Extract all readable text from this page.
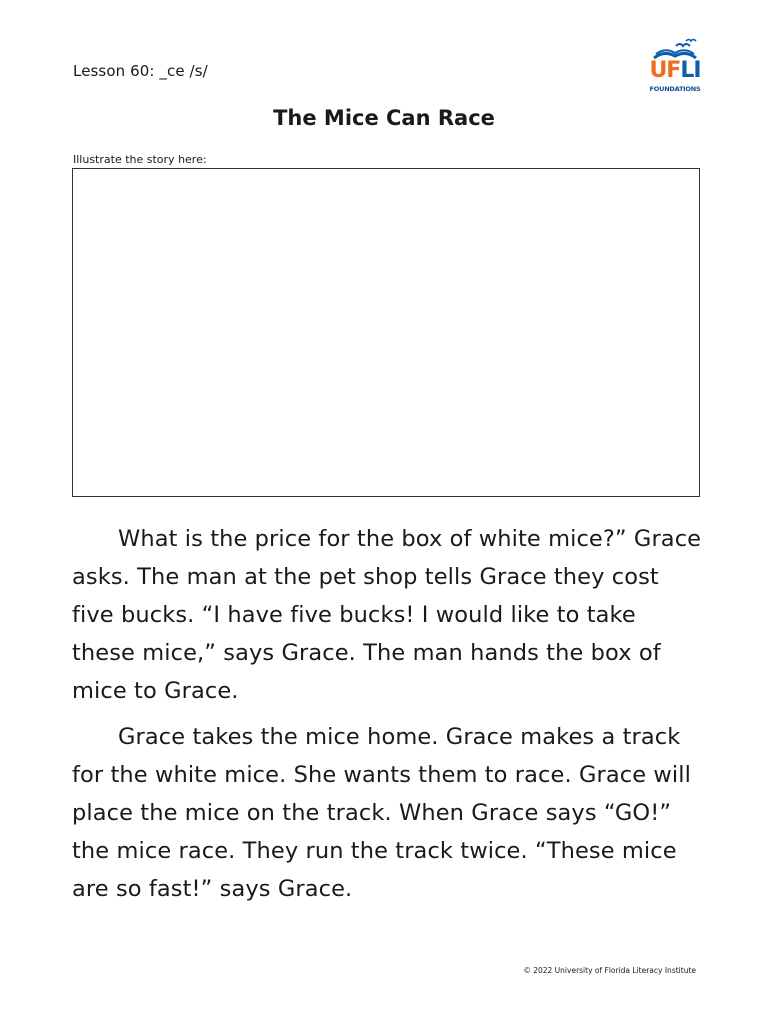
Lesson 60: _ce /s/	UFLI
FOUNDATIONS
The Mice Can Race
Illustrate the story here:

What is the price for the box of white mice?” Grace asks. The man at the pet shop tells Grace they cost five bucks. “I have five bucks! I would like to take these mice,” says Grace. The man hands the box of mice to Grace.

Grace takes the mice home. Grace makes a track for the white mice. She wants them to race. Grace will place the mice on the track. When Grace says “GO!” the mice race. They run the track twice. “These mice are so fast!” says Grace.

© 2022 University of Florida Literacy Institute
